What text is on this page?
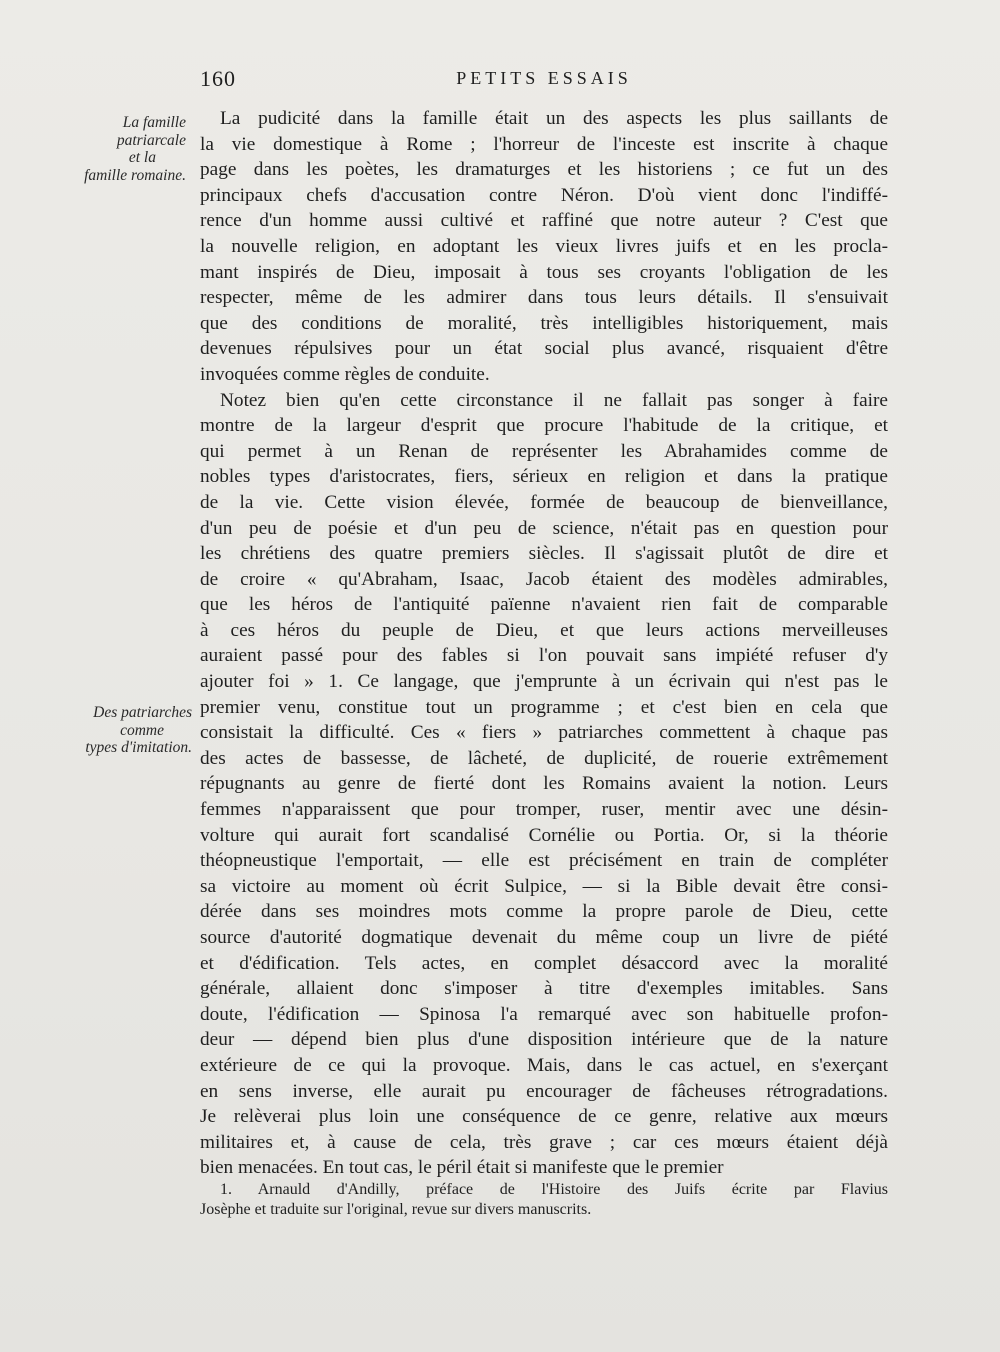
160	PETITS ESSAIS
La famille
patriarcale
et la
famille romaine.
Des patriarches
comme
types d'imitation.
La pudicité dans la famille était un des aspects les plus saillants de
la vie domestique à Rome ; l'horreur de l'inceste est inscrite à chaque
page dans les poètes, les dramaturges et les historiens ; ce fut un des
principaux chefs d'accusation contre Néron. D'où vient donc l'indiffé-
rence d'un homme aussi cultivé et raffiné que notre auteur ? C'est que
la nouvelle religion, en adoptant les vieux livres juifs et en les procla-
mant inspirés de Dieu, imposait à tous ses croyants l'obligation de les
respecter, même de les admirer dans tous leurs détails. Il s'ensuivait
que des conditions de moralité, très intelligibles historiquement, mais
devenues répulsives pour un état social plus avancé, risquaient d'être
invoquées comme règles de conduite.
Notez bien qu'en cette circonstance il ne fallait pas songer à faire
montre de la largeur d'esprit que procure l'habitude de la critique, et
qui permet à un Renan de représenter les Abrahamides comme de
nobles types d'aristocrates, fiers, sérieux en religion et dans la pratique
de la vie. Cette vision élevée, formée de beaucoup de bienveillance,
d'un peu de poésie et d'un peu de science, n'était pas en question pour
les chrétiens des quatre premiers siècles. Il s'agissait plutôt de dire et
de croire « qu'Abraham, Isaac, Jacob étaient des modèles admirables,
que les héros de l'antiquité païenne n'avaient rien fait de comparable
à ces héros du peuple de Dieu, et que leurs actions merveilleuses
auraient passé pour des fables si l'on pouvait sans impiété refuser d'y
ajouter foi » 1. Ce langage, que j'emprunte à un écrivain qui n'est pas le
premier venu, constitue tout un programme ; et c'est bien en cela que
consistait la difficulté. Ces « fiers » patriarches commettent à chaque pas
des actes de bassesse, de lâcheté, de duplicité, de rouerie extrêmement
répugnants au genre de fierté dont les Romains avaient la notion. Leurs
femmes n'apparaissent que pour tromper, ruser, mentir avec une désin-
volture qui aurait fort scandalisé Cornélie ou Portia. Or, si la théorie
théopneustique l'emportait, — elle est précisément en train de compléter
sa victoire au moment où écrit Sulpice, — si la Bible devait être consi-
dérée dans ses moindres mots comme la propre parole de Dieu, cette
source d'autorité dogmatique devenait du même coup un livre de piété
et d'édification. Tels actes, en complet désaccord avec la moralité
générale, allaient donc s'imposer à titre d'exemples imitables. Sans
doute, l'édification — Spinosa l'a remarqué avec son habituelle profon-
deur — dépend bien plus d'une disposition intérieure que de la nature
extérieure de ce qui la provoque. Mais, dans le cas actuel, en s'exerçant
en sens inverse, elle aurait pu encourager de fâcheuses rétrogradations.
Je relèverai plus loin une conséquence de ce genre, relative aux mœurs
militaires et, à cause de cela, très grave ; car ces mœurs étaient déjà
bien menacées. En tout cas, le péril était si manifeste que le premier
1. Arnauld d'Andilly, préface de l'Histoire des Juifs écrite par Flavius
Josèphe et traduite sur l'original, revue sur divers manuscrits.
